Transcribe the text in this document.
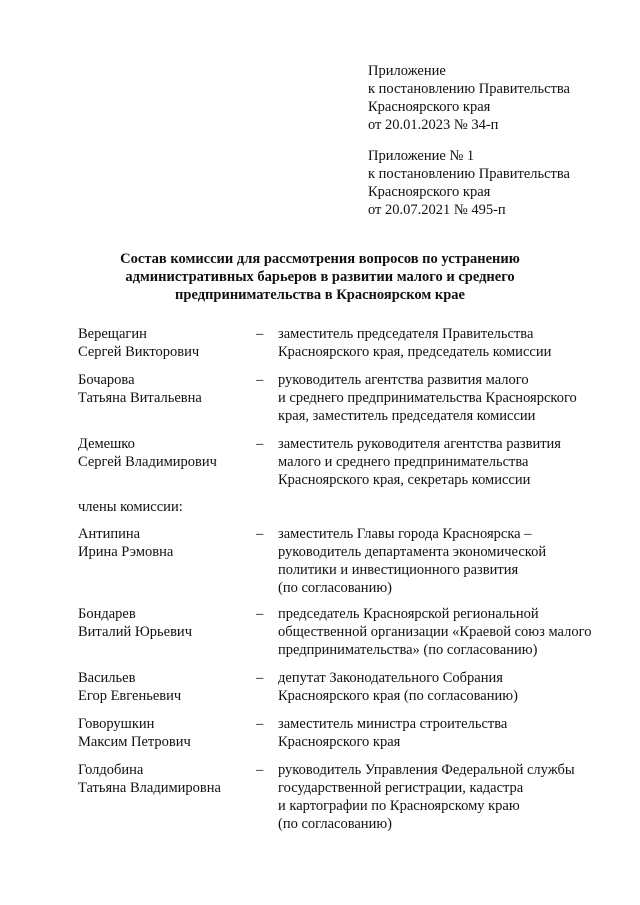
Приложение
к постановлению Правительства
Красноярского края
от 20.01.2023 № 34-п
Приложение № 1
к постановлению Правительства
Красноярского края
от 20.07.2021 № 495-п
Состав комиссии для рассмотрения вопросов по устранению
административных барьеров в развитии малого и среднего
предпринимательства в Красноярском крае
Верещагин
Сергей Викторович
– заместитель председателя Правительства
Красноярского края, председатель комиссии
Бочарова
Татьяна Витальевна
– руководитель агентства развития малого
и среднего предпринимательства Красноярского
края, заместитель председателя комиссии
Демешко
Сергей Владимирович
– заместитель руководителя агентства развития
малого и среднего предпринимательства
Красноярского края, секретарь комиссии
члены комиссии:
Антипина
Ирина Рэмовна
– заместитель Главы города Красноярска –
руководитель департамента экономической
политики и инвестиционного развития
(по согласованию)
Бондарев
Виталий Юрьевич
– председатель Красноярской региональной
общественной организации «Краевой союз малого
предпринимательства» (по согласованию)
Васильев
Егор Евгеньевич
– депутат Законодательного Собрания
Красноярского края (по согласованию)
Говорушкин
Максим Петрович
– заместитель министра строительства
Красноярского края
Голдобина
Татьяна Владимировна
– руководитель Управления Федеральной службы
государственной регистрации, кадастра
и картографии по Красноярскому краю
(по согласованию)
